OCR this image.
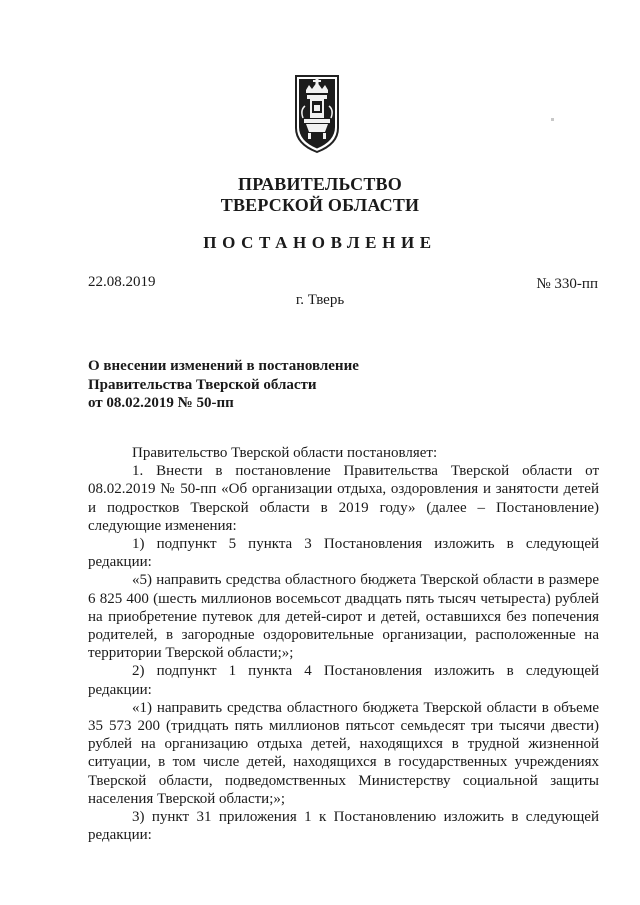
ПРАВИТЕЛЬСТВО
ТВЕРСКОЙ ОБЛАСТИ
ПОСТАНОВЛЕНИЕ
22.08.2019	№ 330-пп
г. Тверь
О внесении изменений в постановление
Правительства Тверской области
от 08.02.2019 № 50-пп

Правительство Тверской области постановляет:

1. Внести в постановление Правительства Тверской области от 08.02.2019 № 50-пп «Об организации отдыха, оздоровления и занятости детей и подростков Тверской области в 2019 году» (далее – Постановление) следующие изменения:

1) подпункт 5 пункта 3 Постановления изложить в следующей редакции:

«5) направить средства областного бюджета Тверской области в размере 6 825 400 (шесть миллионов восемьсот двадцать пять тысяч четыреста) рублей на приобретение путевок для детей-сирот и детей, оставшихся без попечения родителей, в загородные оздоровительные организации, расположенные на территории Тверской области;»;

2) подпункт 1 пункта 4 Постановления изложить в следующей редакции:

«1) направить средства областного бюджета Тверской области в объеме 35 573 200 (тридцать пять миллионов пятьсот семьдесят три тысячи двести) рублей на организацию отдыха детей, находящихся в трудной жизненной ситуации, в том числе детей, находящихся в государственных учреждениях Тверской области, подведомственных Министерству социальной защиты населения Тверской области;»;

3) пункт 31 приложения 1 к Постановлению изложить в следующей редакции:
